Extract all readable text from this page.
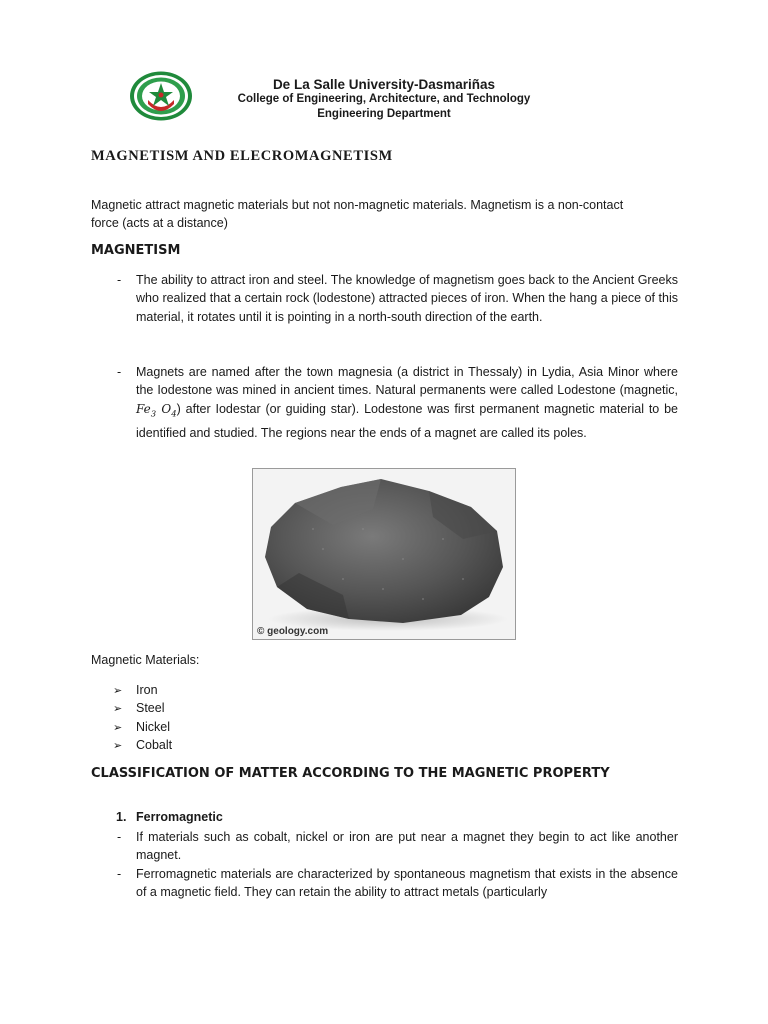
De La Salle University-Dasmariñas
College of Engineering, Architecture, and Technology
Engineering Department
MAGNETISM AND ELECROMAGNETISM
Magnetic attract magnetic materials but not non-magnetic materials. Magnetism is a non-contact force (acts at a distance)
MAGNETISM
- The ability to attract iron and steel. The knowledge of magnetism goes back to the Ancient Greeks who realized that a certain rock (lodestone) attracted pieces of iron. When the hang a piece of this material, it rotates until it is pointing in a north-south direction of the earth.
- Magnets are named after the town magnesia (a district in Thessaly) in Lydia, Asia Minor where the Iodestone was mined in ancient times. Natural permanents were called Lodestone (magnetic, $Fe_3$ $O_4$) after Iodestar (or guiding star). Lodestone was first permanent magnetic material to be identified and studied. The regions near the ends of a magnet are called its poles.
© geology.com
Magnetic Materials:
➢ Iron
➢ Steel
➢ Nickel
➢ Cobalt
CLASSIFICATION OF MATTER ACCORDING TO THE MAGNETIC PROPERTY
1. Ferromagnetic
- If materials such as cobalt, nickel or iron are put near a magnet they begin to act like another magnet.
- Ferromagnetic materials are characterized by spontaneous magnetism that exists in the absence of a magnetic field. They can retain the ability to attract metals (particularly
